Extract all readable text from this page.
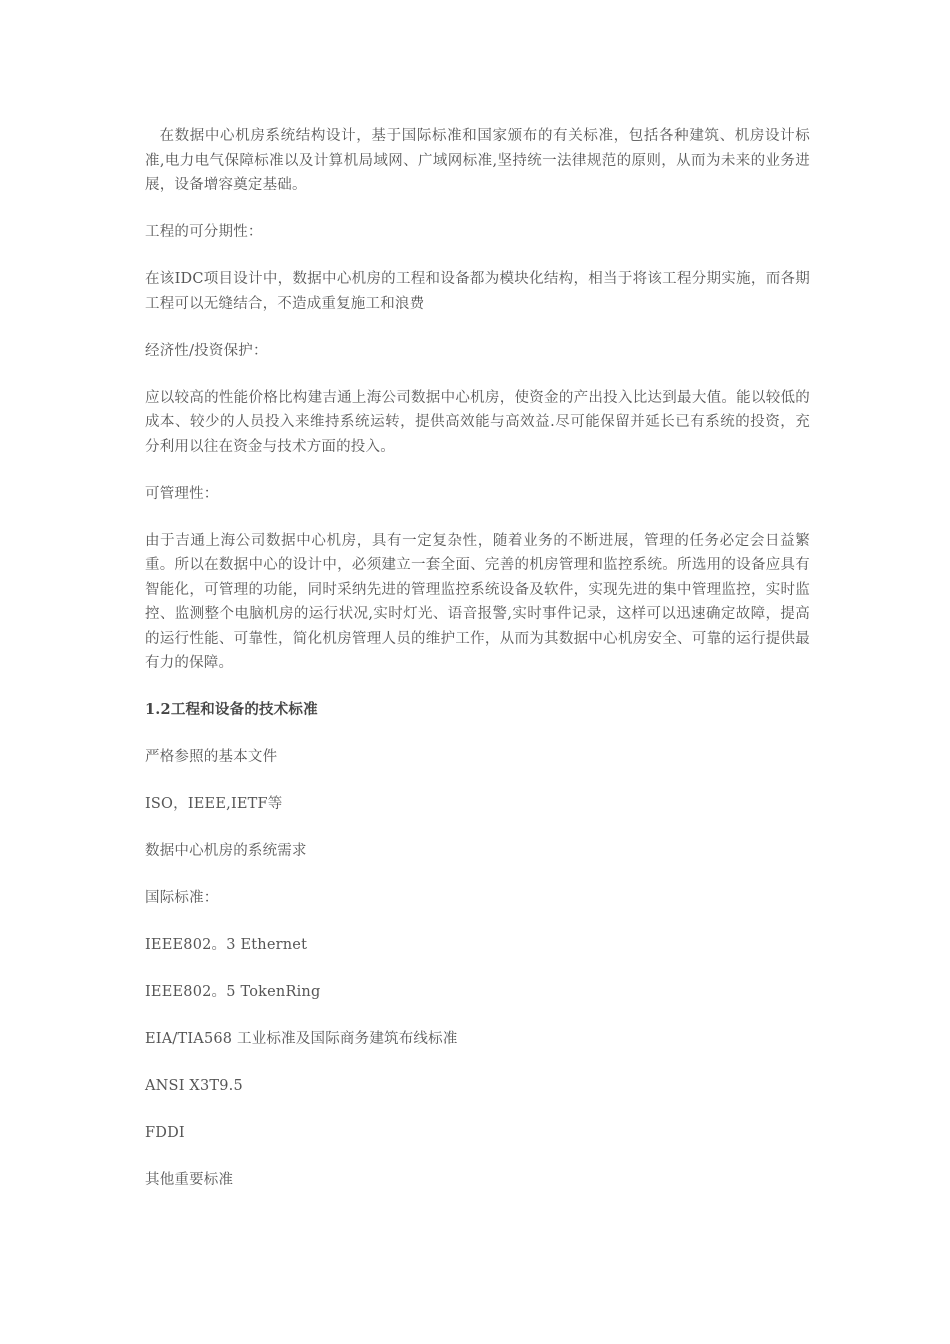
在数据中心机房系统结构设计，基于国际标准和国家颁布的有关标准，包括各种建筑、机房设计标准,电力电气保障标准以及计算机局域网、广域网标准,坚持统一法律规范的原则，从而为未来的业务进展，设备增容奠定基础。

工程的可分期性：

在该IDC项目设计中，数据中心机房的工程和设备都为模块化结构，相当于将该工程分期实施，而各期工程可以无缝结合，不造成重复施工和浪费

经济性/投资保护：

应以较高的性能价格比构建吉通上海公司数据中心机房，使资金的产出投入比达到最大值。能以较低的成本、较少的人员投入来维持系统运转，提供高效能与高效益.尽可能保留并延长已有系统的投资，充分利用以往在资金与技术方面的投入。

可管理性：

由于吉通上海公司数据中心机房，具有一定复杂性，随着业务的不断进展，管理的任务必定会日益繁重。所以在数据中心的设计中，必须建立一套全面、完善的机房管理和监控系统。所选用的设备应具有智能化，可管理的功能，同时采纳先进的管理监控系统设备及软件，实现先进的集中管理监控，实时监控、监测整个电脑机房的运行状况,实时灯光、语音报警,实时事件记录，这样可以迅速确定故障，提高的运行性能、可靠性，简化机房管理人员的维护工作，从而为其数据中心机房安全、可靠的运行提供最有力的保障。

1.2工程和设备的技术标准

严格参照的基本文件

ISO，IEEE,IETF等

数据中心机房的系统需求

国际标准：

IEEE802。3 Ethernet

IEEE802。5 TokenRing

EIA/TIA568 工业标准及国际商务建筑布线标准

ANSI X3T9.5

FDDI

其他重要标准
